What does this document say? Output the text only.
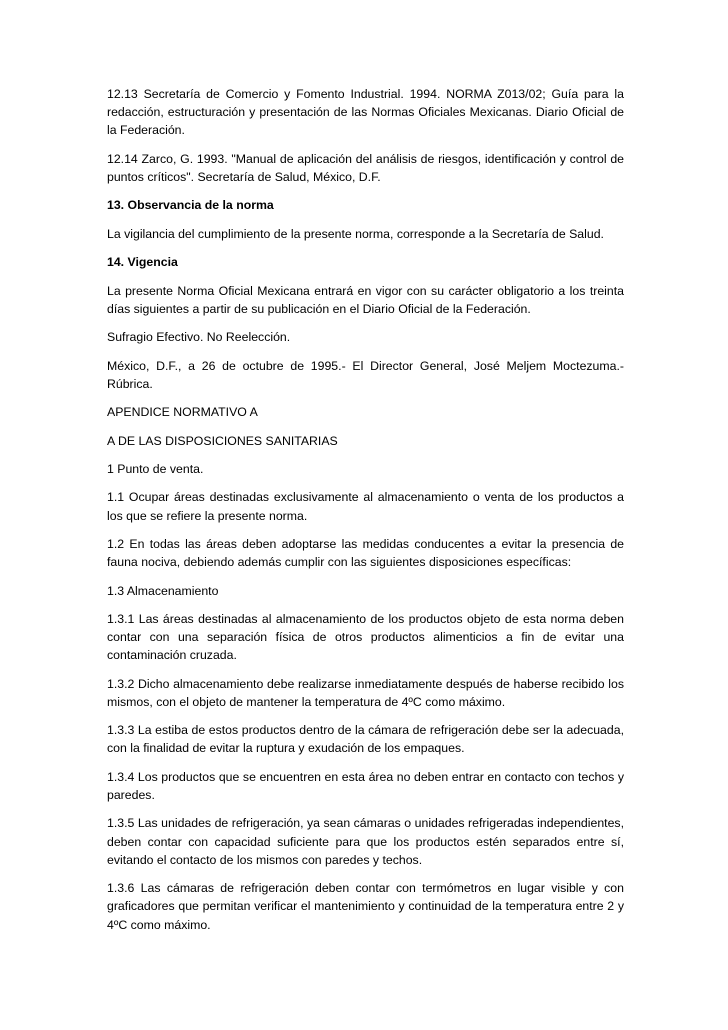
12.13 Secretaría de Comercio y Fomento Industrial. 1994. NORMA Z013/02; Guía para la redacción, estructuración y presentación de las Normas Oficiales Mexicanas. Diario Oficial de la Federación.

12.14 Zarco, G. 1993. "Manual de aplicación del análisis de riesgos, identificación y control de puntos críticos". Secretaría de Salud, México, D.F.

13. Observancia de la norma

La vigilancia del cumplimiento de la presente norma, corresponde a la Secretaría de Salud.

14. Vigencia

La presente Norma Oficial Mexicana entrará en vigor con su carácter obligatorio a los treinta días siguientes a partir de su publicación en el Diario Oficial de la Federación.

Sufragio Efectivo. No Reelección.

México, D.F., a 26 de octubre de 1995.- El Director General, José Meljem Moctezuma.- Rúbrica.

APENDICE NORMATIVO A

A DE LAS DISPOSICIONES SANITARIAS

1 Punto de venta.

1.1 Ocupar áreas destinadas exclusivamente al almacenamiento o venta de los productos a los que se refiere la presente norma.

1.2 En todas las áreas deben adoptarse las medidas conducentes a evitar la presencia de fauna nociva, debiendo además cumplir con las siguientes disposiciones específicas:

1.3 Almacenamiento

1.3.1 Las áreas destinadas al almacenamiento de los productos objeto de esta norma deben contar con una separación física de otros productos alimenticios a fin de evitar una contaminación cruzada.

1.3.2 Dicho almacenamiento debe realizarse inmediatamente después de haberse recibido los mismos, con el objeto de mantener la temperatura de 4ºC como máximo.

1.3.3 La estiba de estos productos dentro de la cámara de refrigeración debe ser la adecuada, con la finalidad de evitar la ruptura y exudación de los empaques.

1.3.4 Los productos que se encuentren en esta área no deben entrar en contacto con techos y paredes.

1.3.5 Las unidades de refrigeración, ya sean cámaras o unidades refrigeradas independientes, deben contar con capacidad suficiente para que los productos estén separados entre sí, evitando el contacto de los mismos con paredes y techos.

1.3.6 Las cámaras de refrigeración deben contar con termómetros en lugar visible y con graficadores que permitan verificar el mantenimiento y continuidad de la temperatura entre 2 y 4ºC como máximo.
